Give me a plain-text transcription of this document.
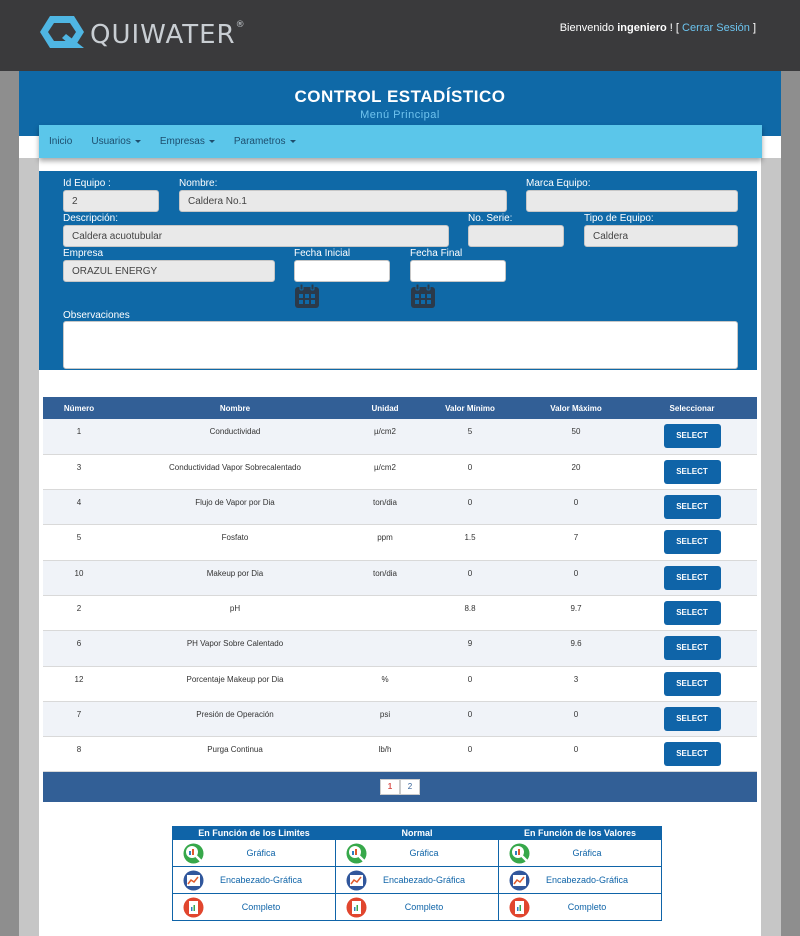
QUIWATER®	Bienvenido ingeniero ! [ Cerrar Sesión ]
CONTROL ESTADÍSTICO
Menú Principal
Inicio Usuarios	Empresas	Parametros
Id Equipo :
2
Nombre:
Caldera No.1
Marca Equipo:
Descripción:
Caldera acuotubular
No. Serie:	Tipo de Equipo:
Caldera
Empresa
ORAZUL ENERGY
Fecha Inicial	Fecha Final
Observaciones
Número	Nombre	Unidad	Valor Mínimo	Valor Máximo	Seleccionar
1	Conductividad	µ/cm2	5	50	SELECT
3	Conductividad Vapor Sobrecalentado	µ/cm2	0	20	SELECT
4	Flujo de Vapor por Dia	ton/dia	0	0	SELECT
5	Fosfato	ppm	1.5	7	SELECT
10	Makeup por Dia	ton/dia	0	0	SELECT
2	pH		8.8	9.7	SELECT
6	PH Vapor Sobre Calentado		9	9.6	SELECT
12	Porcentaje Makeup por Dia	%	0	3	SELECT
7	Presión de Operación	psi	0	0	SELECT
8	Purga Continua	lb/h	0	0	SELECT
1	2
En Función de los Limites	Normal	En Función de los Valores

Gráfica	Gráfica	Gráfica

Encabezado-Gráfica	Encabezado-Gráfica	Encabezado-Gráfica

Completo	Completo	Completo
